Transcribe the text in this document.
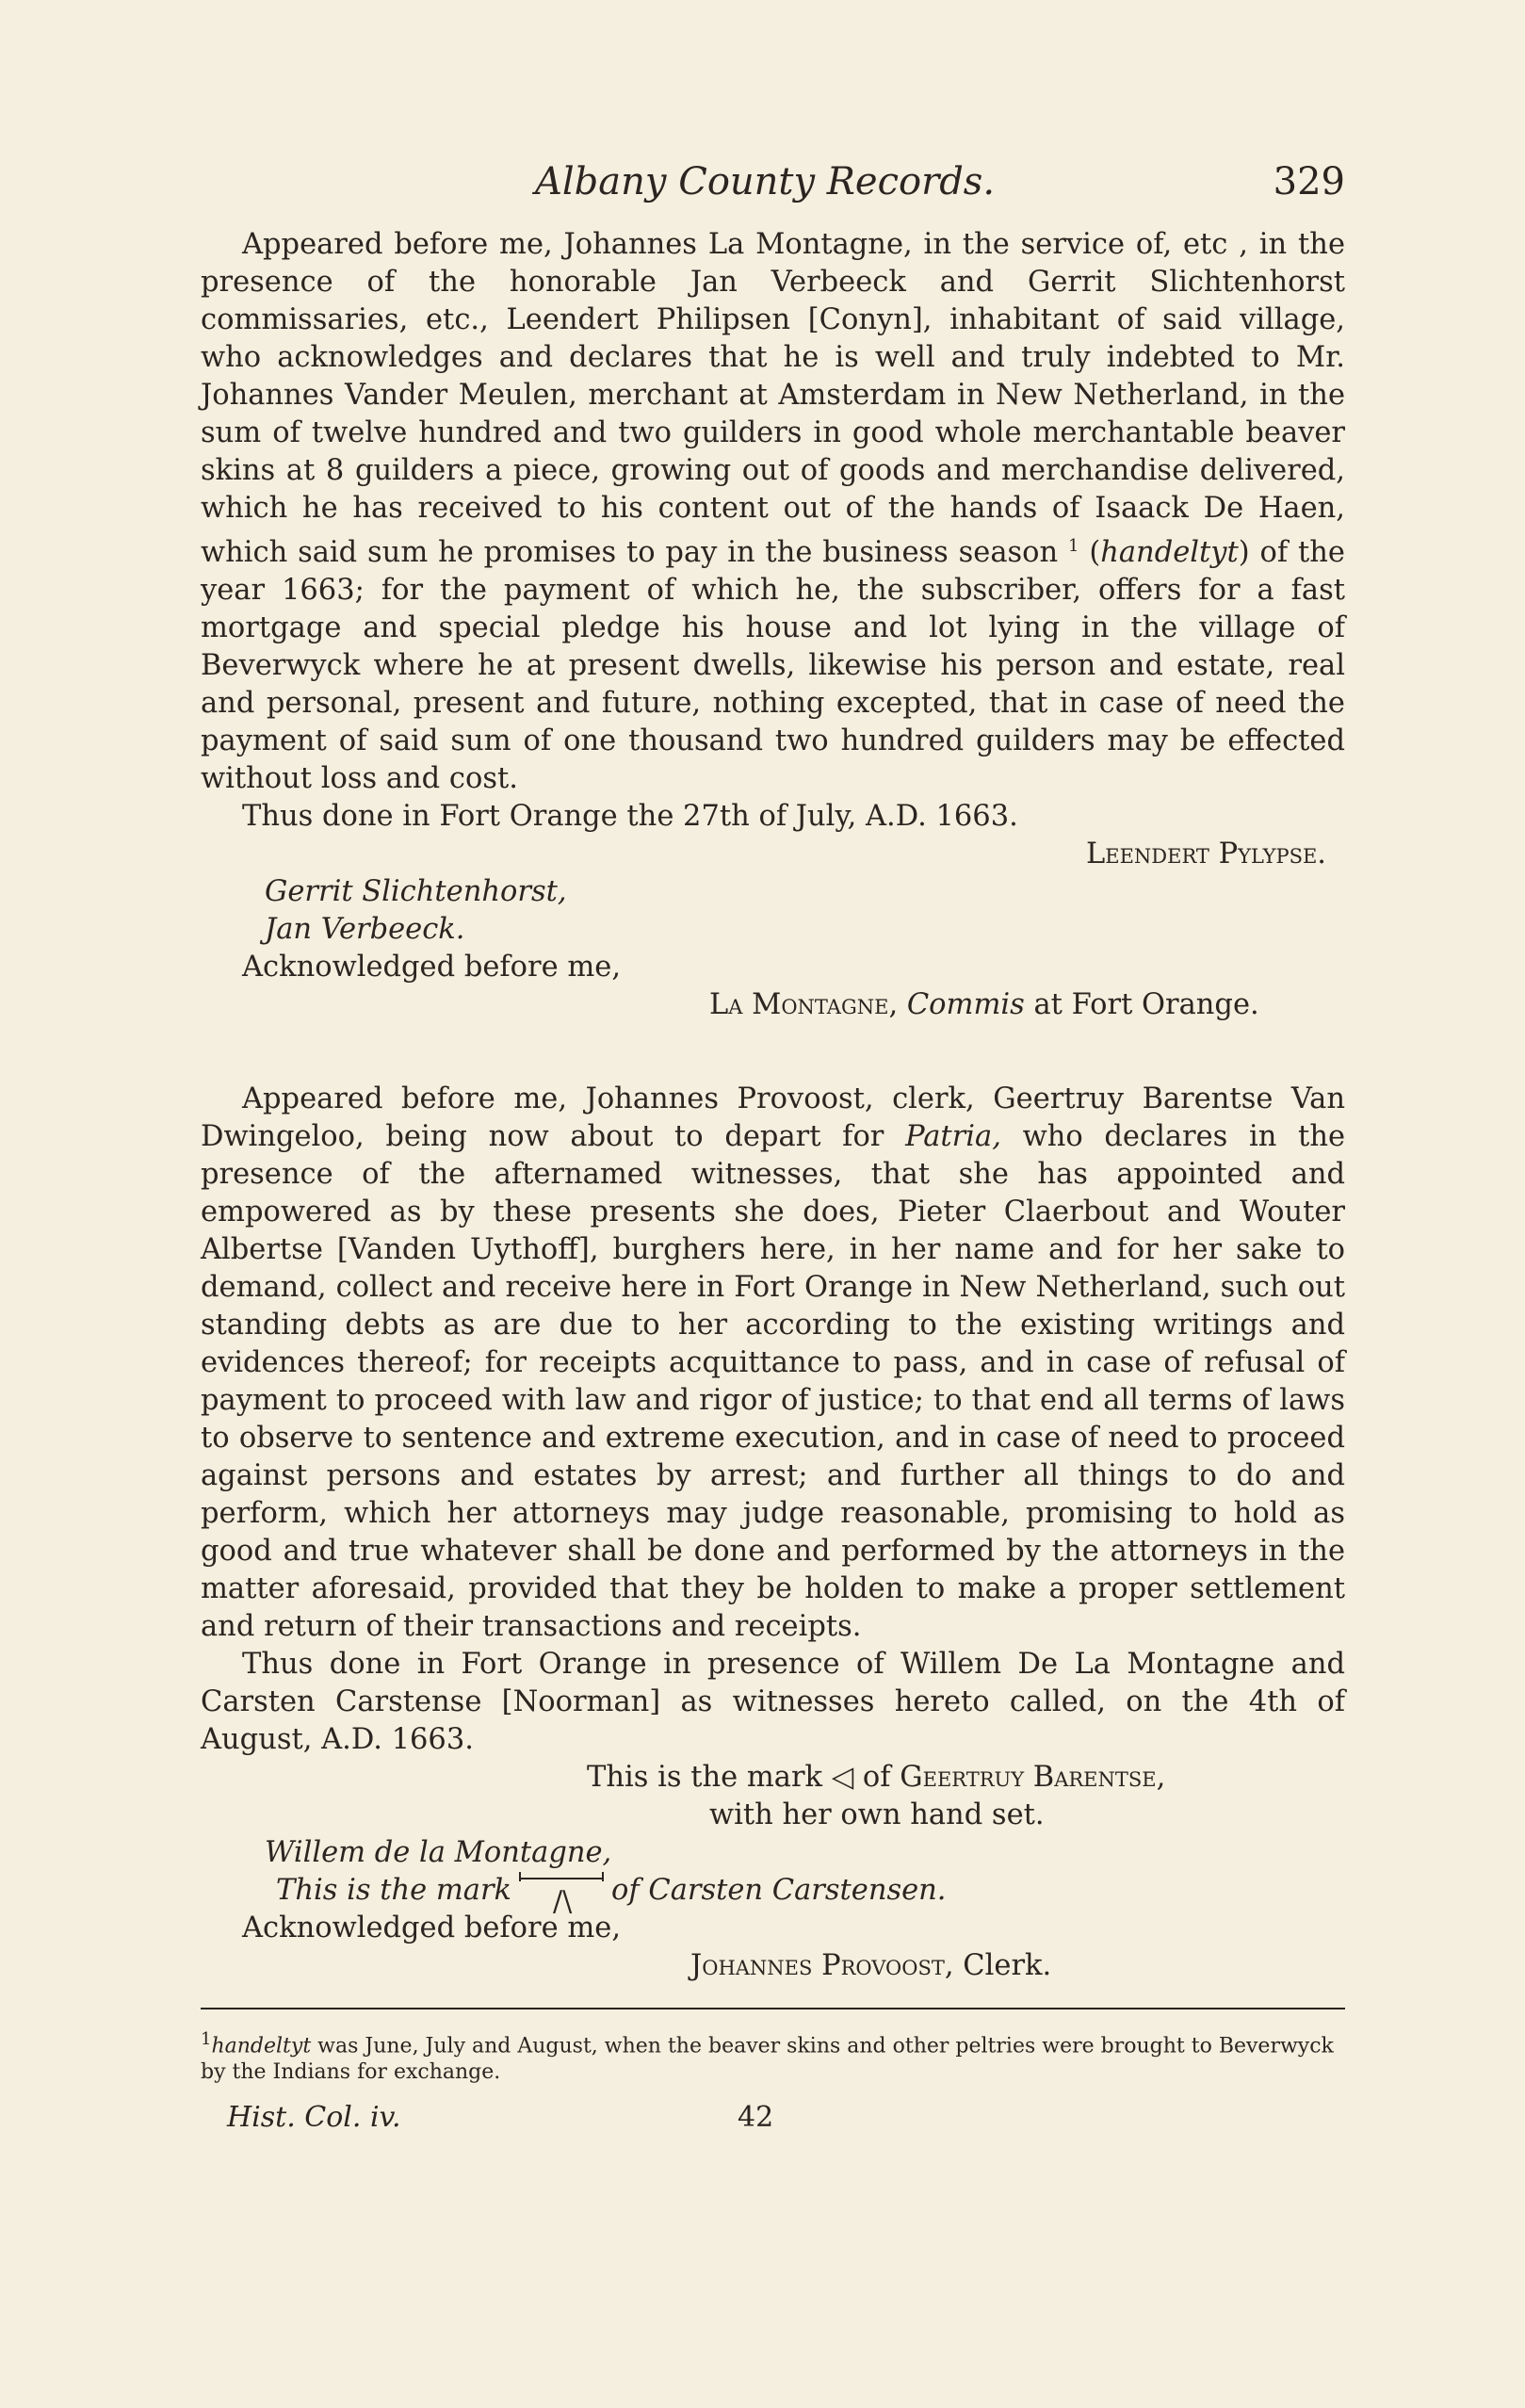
Albany County Records.	329

Appeared before me, Johannes La Montagne, in the service of, etc , in the presence of the honorable Jan Verbeeck and Gerrit Slichtenhorst commissaries, etc., Leendert Philipsen [Conyn], inhabitant of said village, who acknowledges and declares that he is well and truly indebted to Mr. Johannes Vander Meulen, merchant at Amsterdam in New Netherland, in the sum of twelve hundred and two guilders in good whole merchantable beaver skins at 8 guilders a piece, growing out of goods and merchandise delivered, which he has received to his content out of the hands of Isaack De Haen, which said sum he promises to pay in the business season $^1$ (handeltyt) of the year 1663; for the payment of which he, the subscriber, offers for a fast mortgage and special pledge his house and lot lying in the village of Beverwyck where he at present dwells, likewise his person and estate, real and personal, present and future, nothing excepted, that in case of need the payment of said sum of one thousand two hundred guilders may be effected without loss and cost.

Thus done in Fort Orange the 27th of July, A.D. 1663.

Leendert Pylypse.

Gerrit Slichtenhorst,

Jan Verbeeck.

Acknowledged before me,

La Montagne, Commis at Fort Orange.

Appeared before me, Johannes Provoost, clerk, Geertruy Barentse Van Dwingeloo, being now about to depart for Patria, who declares in the presence of the afternamed witnesses, that she has appointed and empowered as by these presents she does, Pieter Claerbout and Wouter Albertse [Vanden Uythoff], burghers here, in her name and for her sake to demand, collect and receive here in Fort Orange in New Netherland, such out standing debts as are due to her according to the existing writings and evidences thereof; for receipts acquittance to pass, and in case of refusal of payment to proceed with law and rigor of justice; to that end all terms of laws to observe to sentence and extreme execution, and in case of need to proceed against persons and estates by arrest; and further all things to do and perform, which her attorneys may judge reasonable, promising to hold as good and true whatever shall be done and performed by the attorneys in the matter aforesaid, provided that they be holden to make a proper settlement and return of their transactions and receipts.

Thus done in Fort Orange in presence of Willem De La Montagne and Carsten Carstense [Noorman] as witnesses hereto called, on the 4th of August, A.D. 1663.

This is the mark ◁ of Geertruy Barentse,

with her own hand set.

Willem de la Montagne,

This is the mark /\ of Carsten Carstensen.

Acknowledged before me,

Johannes Provoost, Clerk.

$^1$handeltyt was June, July and August, when the beaver skins and other peltries were brought to Beverwyck by the Indians for exchange.

Hist. Col. iv.	42
